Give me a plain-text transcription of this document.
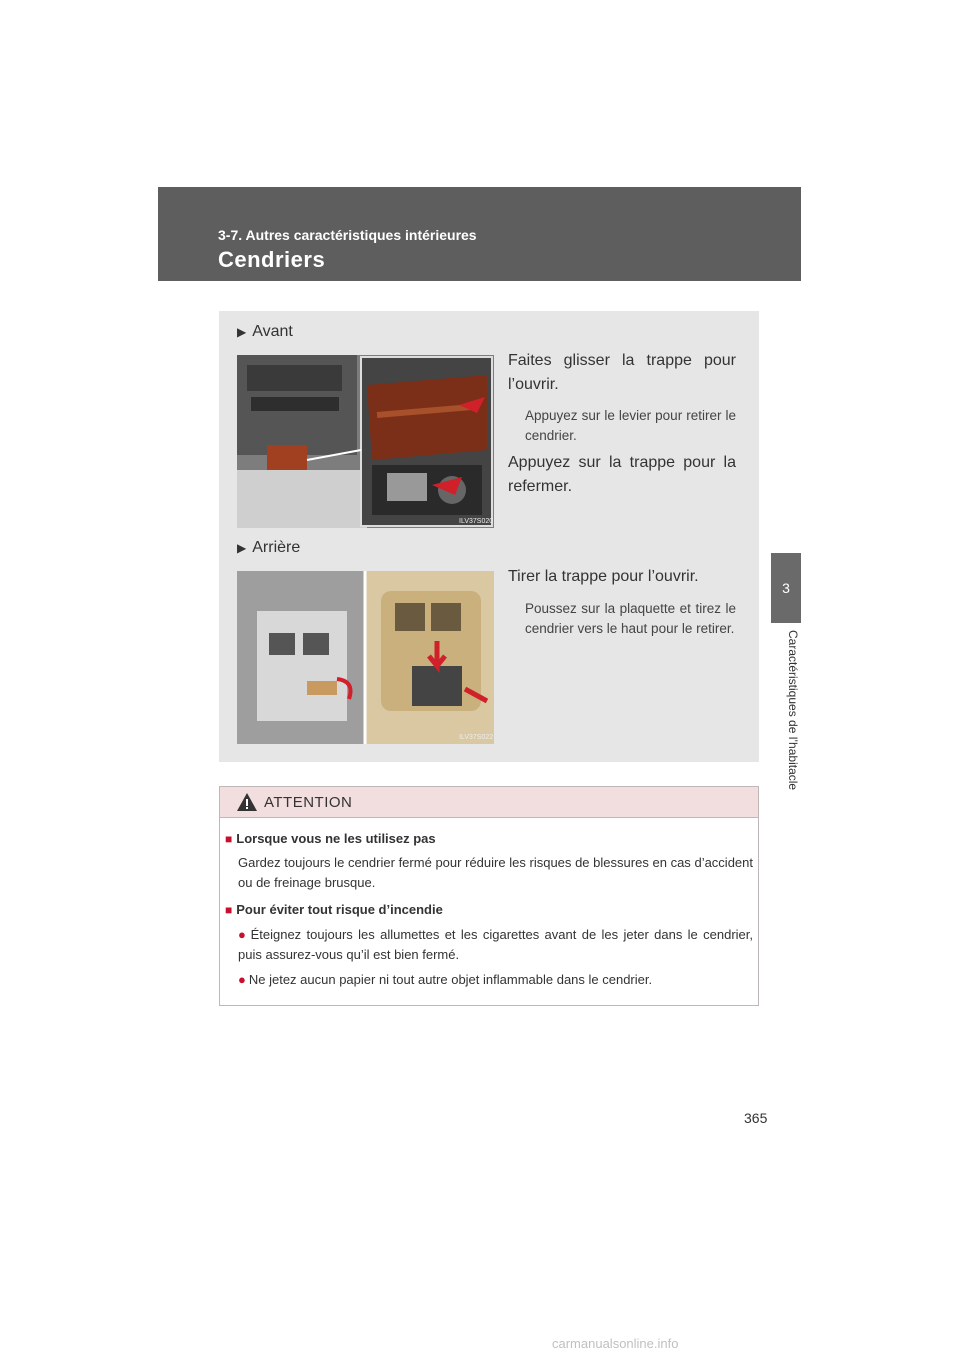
3-7. Autres caractéristiques intérieures
Cendriers
3
Caractéristiques de l’habitacle
▶ Avant
ILV37S020
Faites glisser la trappe pour l’ouvrir.
Appuyez sur le levier pour retirer le cendrier.
Appuyez sur la trappe pour la refermer.
▶ Arrière
ILV37S022
Tirer la trappe pour l’ouvrir.
Poussez sur la plaquette et tirez le cendrier vers le haut pour le retirer.
ATTENTION
■ Lorsque vous ne les utilisez pas
Gardez toujours le cendrier fermé pour réduire les risques de blessures en cas d’accident ou de freinage brusque.
■ Pour éviter tout risque d’incendie
● Éteignez toujours les allumettes et les cigarettes avant de les jeter dans le cendrier, puis assurez-vous qu’il est bien fermé.
● Ne jetez aucun papier ni tout autre objet inflammable dans le cendrier.
365
carmanualsonline.info
